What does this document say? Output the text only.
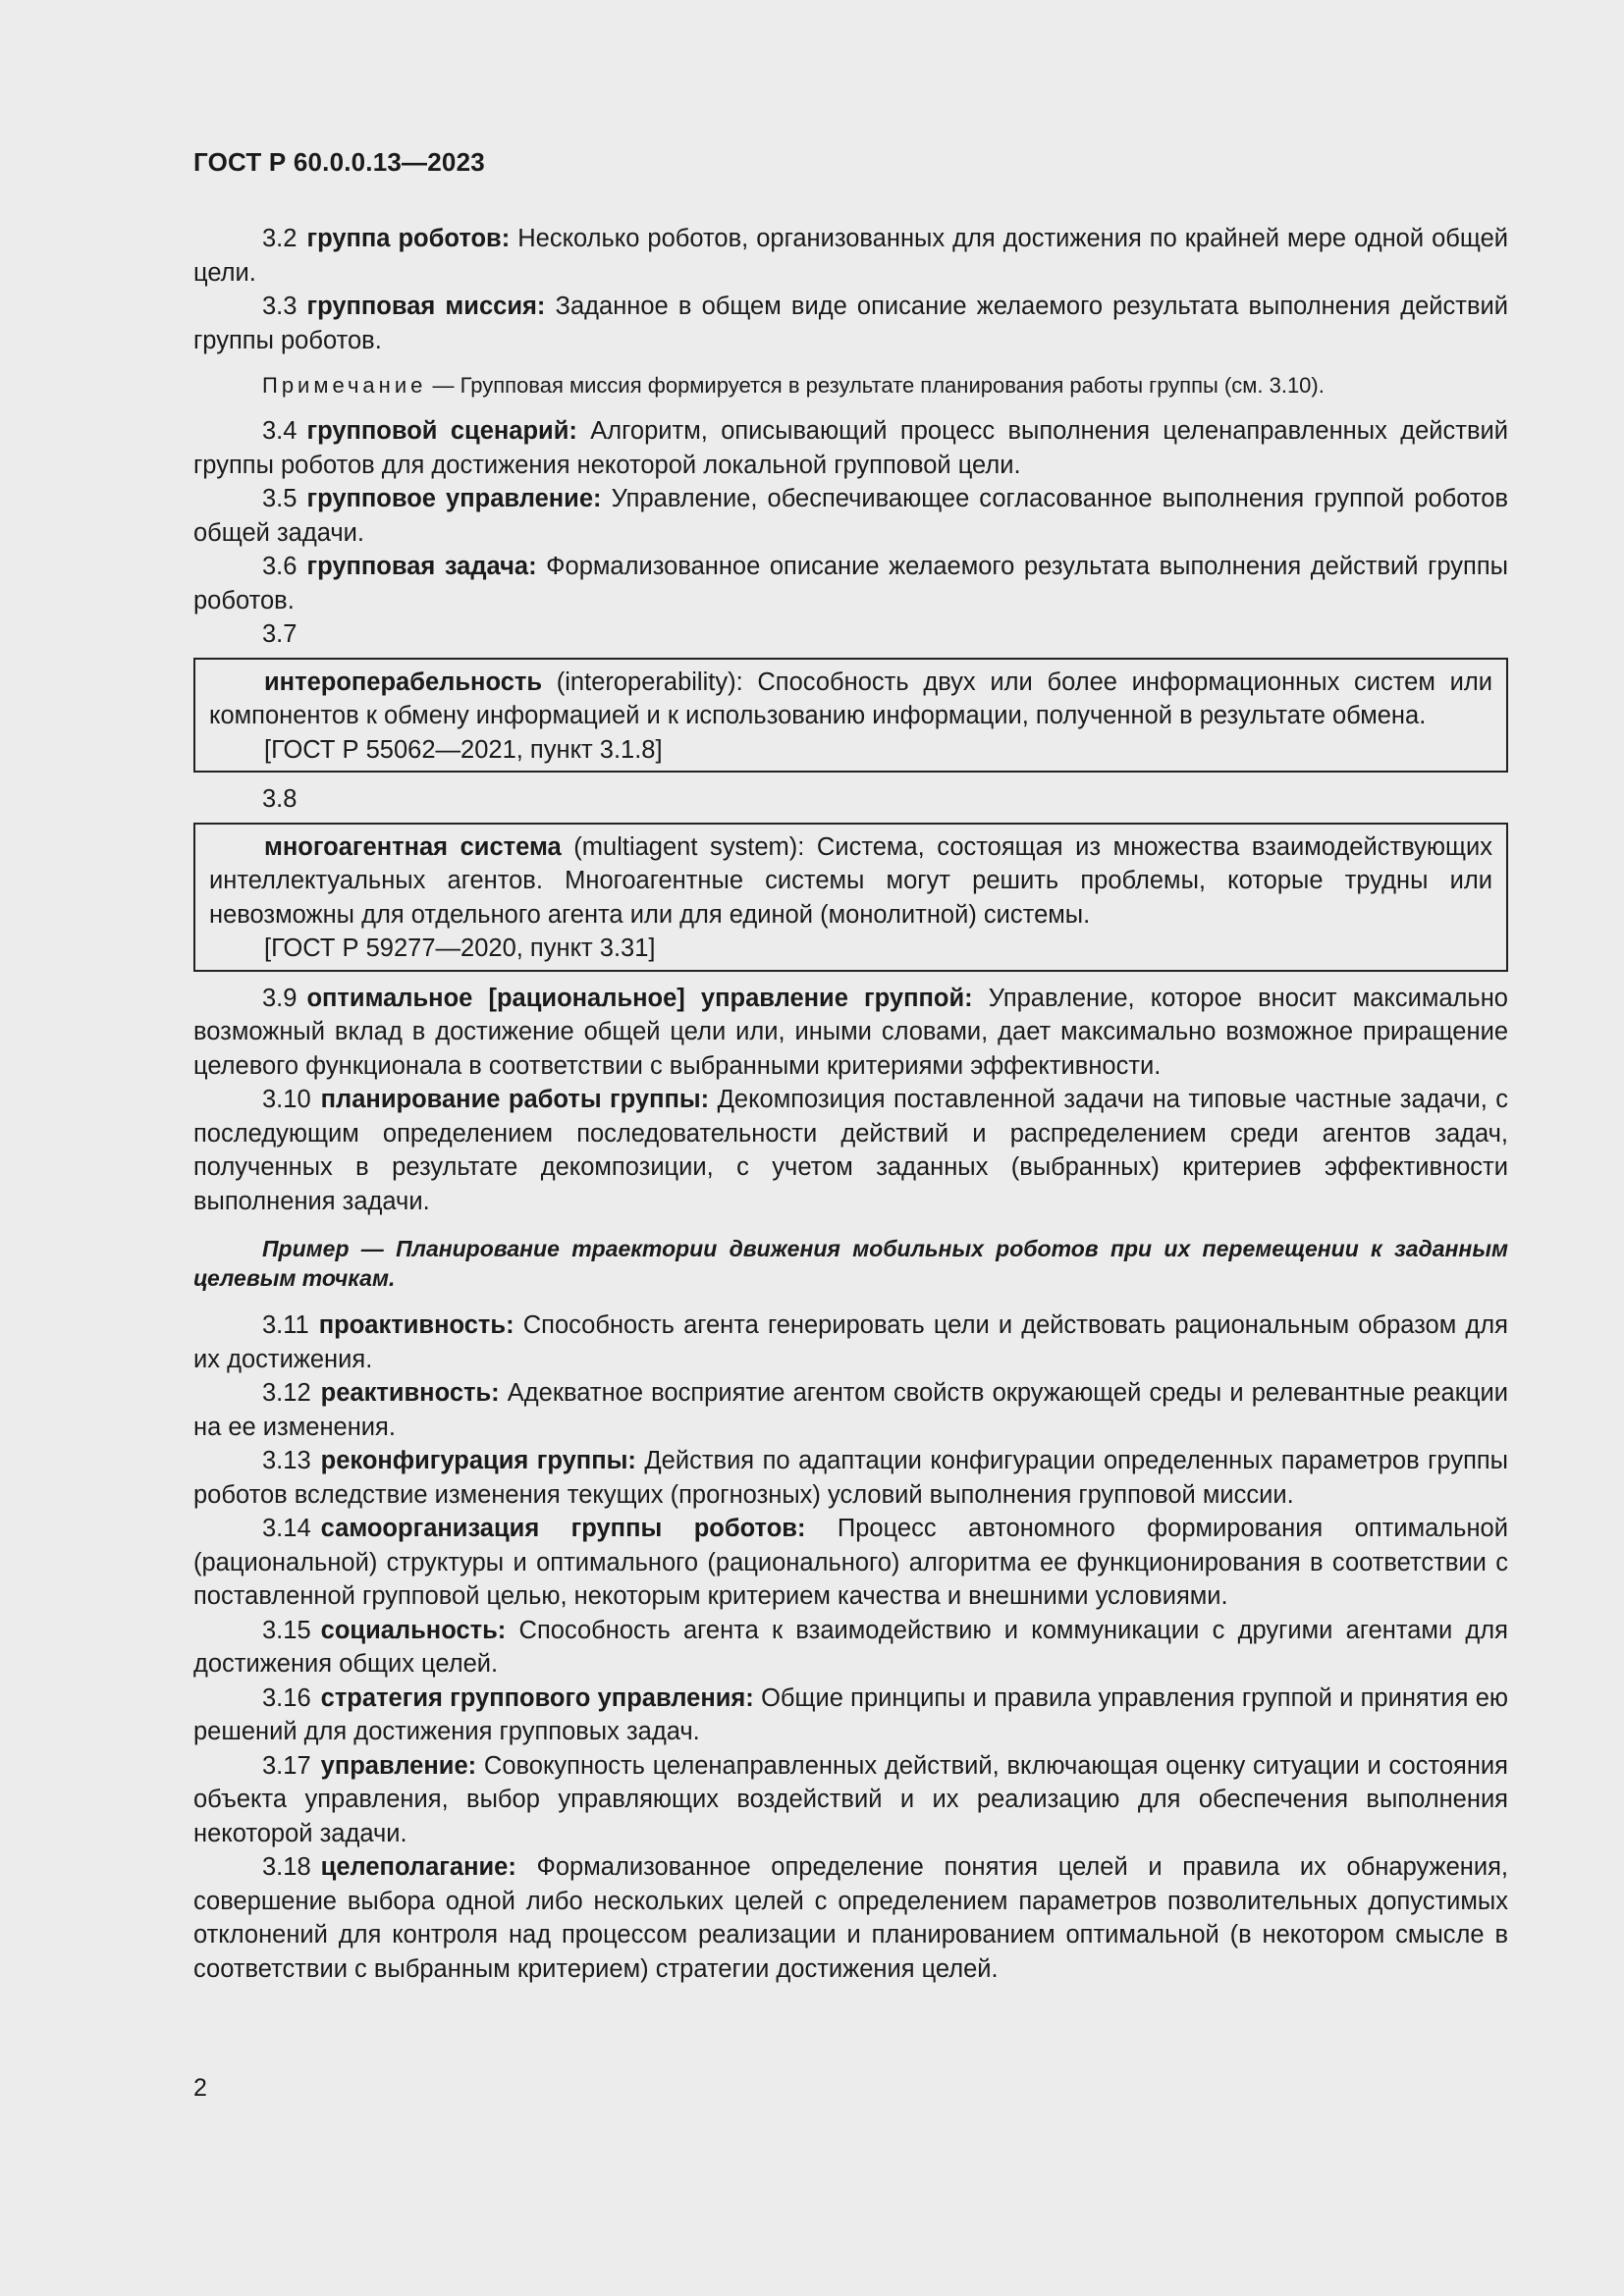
ГОСТ Р 60.0.0.13—2023

3.2 группа роботов: Несколько роботов, организованных для достижения по крайней мере одной общей цели.

3.3 групповая миссия: Заданное в общем виде описание желаемого результата выполнения действий группы роботов.

Примечание — Групповая миссия формируется в результате планирования работы группы (см. 3.10).

3.4 групповой сценарий: Алгоритм, описывающий процесс выполнения целенаправленных действий группы роботов для достижения некоторой локальной групповой цели.

3.5 групповое управление: Управление, обеспечивающее согласованное выполнения группой роботов общей задачи.

3.6 групповая задача: Формализованное описание желаемого результата выполнения действий группы роботов.

3.7

интероперабельность (interoperability): Способность двух или более информационных систем или компонентов к обмену информацией и к использованию информации, полученной в результате обмена.

[ГОСТ Р 55062—2021, пункт 3.1.8]

3.8

многоагентная система (multiagent system): Система, состоящая из множества взаимодействующих интеллектуальных агентов. Многоагентные системы могут решить проблемы, которые трудны или невозможны для отдельного агента или для единой (монолитной) системы.

[ГОСТ Р 59277—2020, пункт 3.31]

3.9 оптимальное [рациональное] управление группой: Управление, которое вносит максимально возможный вклад в достижение общей цели или, иными словами, дает максимально возможное приращение целевого функционала в соответствии с выбранными критериями эффективности.

3.10 планирование работы группы: Декомпозиция поставленной задачи на типовые частные задачи, с последующим определением последовательности действий и распределением среди агентов задач, полученных в результате декомпозиции, с учетом заданных (выбранных) критериев эффективности выполнения задачи.

Пример — Планирование траектории движения мобильных роботов при их перемещении к заданным целевым точкам.

3.11 проактивность: Способность агента генерировать цели и действовать рациональным образом для их достижения.

3.12 реактивность: Адекватное восприятие агентом свойств окружающей среды и релевантные реакции на ее изменения.

3.13 реконфигурация группы: Действия по адаптации конфигурации определенных параметров группы роботов вследствие изменения текущих (прогнозных) условий выполнения групповой миссии.

3.14 самоорганизация группы роботов: Процесс автономного формирования оптимальной (рациональной) структуры и оптимального (рационального) алгоритма ее функционирования в соответствии с поставленной групповой целью, некоторым критерием качества и внешними условиями.

3.15 социальность: Способность агента к взаимодействию и коммуникации с другими агентами для достижения общих целей.

3.16 стратегия группового управления: Общие принципы и правила управления группой и принятия ею решений для достижения групповых задач.

3.17 управление: Совокупность целенаправленных действий, включающая оценку ситуации и состояния объекта управления, выбор управляющих воздействий и их реализацию для обеспечения выполнения некоторой задачи.

3.18 целеполагание: Формализованное определение понятия целей и правила их обнаружения, совершение выбора одной либо нескольких целей с определением параметров позволительных допустимых отклонений для контроля над процессом реализации и планированием оптимальной (в некотором смысле в соответствии с выбранным критерием) стратегии достижения целей.

2
